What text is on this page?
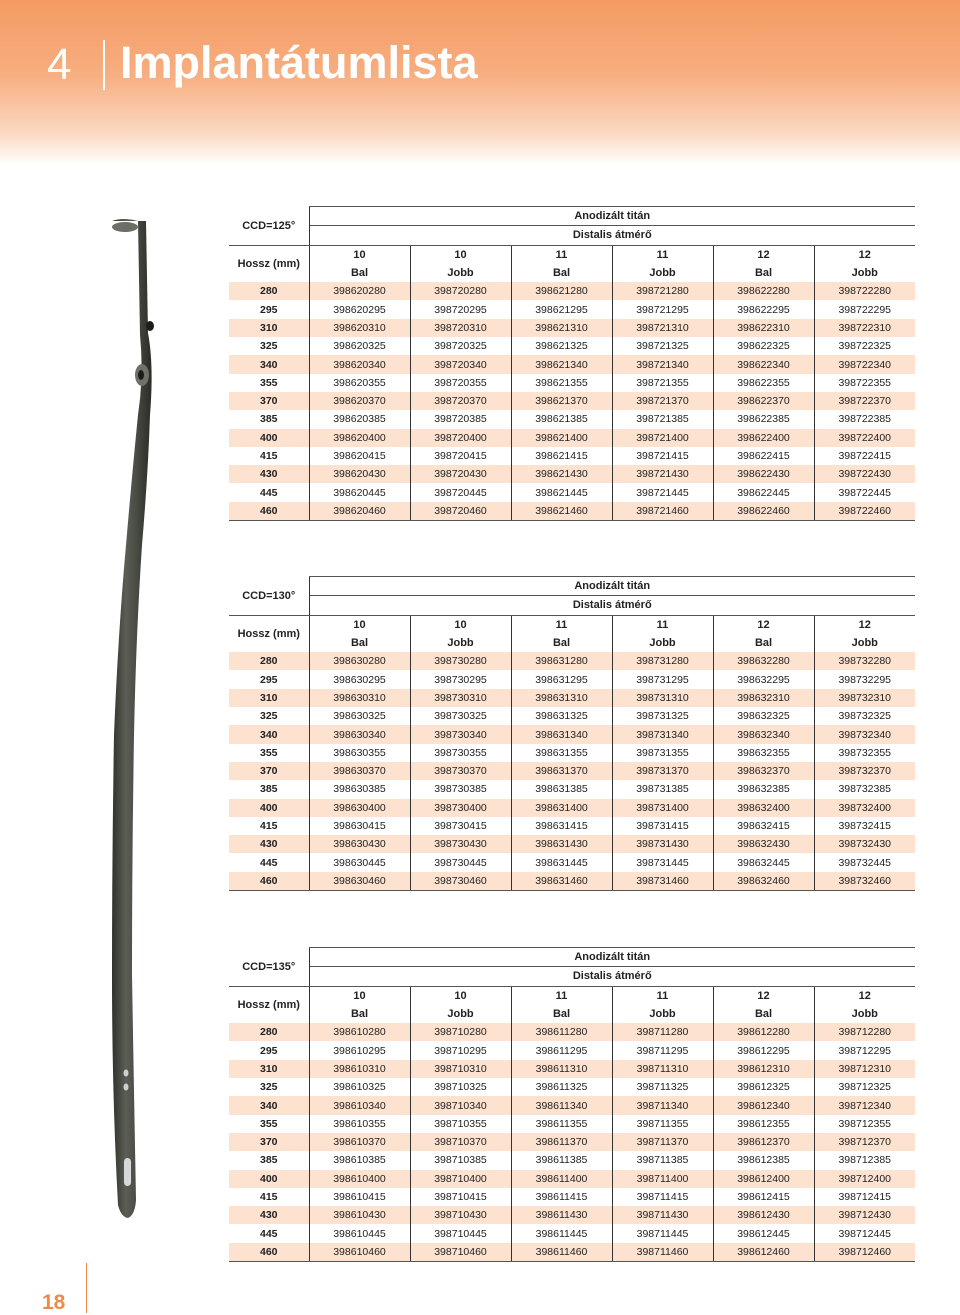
4 Implantátumlista
CCD=125°	Anodizált titán					
	Distalis átmérő					
Hossz (mm)	10	10	11	11	12	12
	Bal	Jobb	Bal	Jobb	Bal	Jobb
280	398620280	398720280	398621280	398721280	398622280	398722280
295	398620295	398720295	398621295	398721295	398622295	398722295
310	398620310	398720310	398621310	398721310	398622310	398722310
325	398620325	398720325	398621325	398721325	398622325	398722325
340	398620340	398720340	398621340	398721340	398622340	398722340
355	398620355	398720355	398621355	398721355	398622355	398722355
370	398620370	398720370	398621370	398721370	398622370	398722370
385	398620385	398720385	398621385	398721385	398622385	398722385
400	398620400	398720400	398621400	398721400	398622400	398722400
415	398620415	398720415	398621415	398721415	398622415	398722415
430	398620430	398720430	398621430	398721430	398622430	398722430
445	398620445	398720445	398621445	398721445	398622445	398722445
460	398620460	398720460	398621460	398721460	398622460	398722460
CCD=130°	Anodizált titán					
	Distalis átmérő					
Hossz (mm)	10	10	11	11	12	12
	Bal	Jobb	Bal	Jobb	Bal	Jobb
280	398630280	398730280	398631280	398731280	398632280	398732280
295	398630295	398730295	398631295	398731295	398632295	398732295
310	398630310	398730310	398631310	398731310	398632310	398732310
325	398630325	398730325	398631325	398731325	398632325	398732325
340	398630340	398730340	398631340	398731340	398632340	398732340
355	398630355	398730355	398631355	398731355	398632355	398732355
370	398630370	398730370	398631370	398731370	398632370	398732370
385	398630385	398730385	398631385	398731385	398632385	398732385
400	398630400	398730400	398631400	398731400	398632400	398732400
415	398630415	398730415	398631415	398731415	398632415	398732415
430	398630430	398730430	398631430	398731430	398632430	398732430
445	398630445	398730445	398631445	398731445	398632445	398732445
460	398630460	398730460	398631460	398731460	398632460	398732460
CCD=135°	Anodizált titán					
	Distalis átmérő					
Hossz (mm)	10	10	11	11	12	12
	Bal	Jobb	Bal	Jobb	Bal	Jobb
280	398610280	398710280	398611280	398711280	398612280	398712280
295	398610295	398710295	398611295	398711295	398612295	398712295
310	398610310	398710310	398611310	398711310	398612310	398712310
325	398610325	398710325	398611325	398711325	398612325	398712325
340	398610340	398710340	398611340	398711340	398612340	398712340
355	398610355	398710355	398611355	398711355	398612355	398712355
370	398610370	398710370	398611370	398711370	398612370	398712370
385	398610385	398710385	398611385	398711385	398612385	398712385
400	398610400	398710400	398611400	398711400	398612400	398712400
415	398610415	398710415	398611415	398711415	398612415	398712415
430	398610430	398710430	398611430	398711430	398612430	398712430
445	398610445	398710445	398611445	398711445	398612445	398712445
460	398610460	398710460	398611460	398711460	398612460	398712460
18
